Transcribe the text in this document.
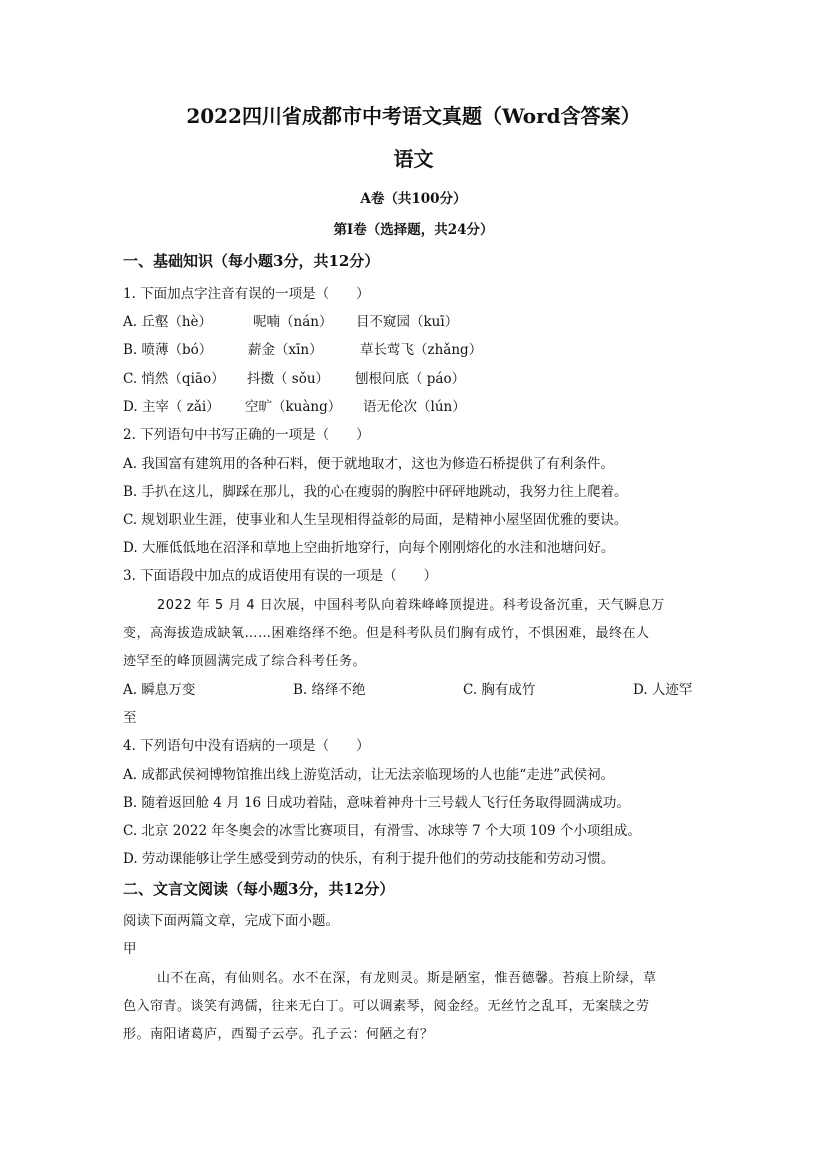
2022四川省成都市中考语文真题（Word含答案）
语文
A卷（共100分）
第Ⅰ卷（选择题，共24分）
一、基础知识（每小题3分，共12分）
1. 下面加点字注音有误的一项是（　　）
A. 丘壑（hè）	呢喃（nán） 目不窥园（kuī）
B. 喷薄（bó）	薪金（xīn）	草长莺飞（zhǎng）
C. 悄然（qiāo） 抖擞（ sǒu） 刨根问底（ páo）
D. 主宰（ zǎi） 空旷（kuàng） 语无伦次（lún）
2. 下列语句中书写正确的一项是（　　）
A. 我国富有建筑用的各种石料，便于就地取才，这也为修造石桥提供了有利条件。
B. 手扒在这儿，脚踩在那儿，我的心在瘦弱的胸腔中砰砰地跳动，我努力往上爬着。
C. 规划职业生涯，使事业和人生呈现相得益彰的局面，是精神小屋坚固优雅的要诀。
D. 大雁低低地在沼泽和草地上空曲折地穿行，向每个刚刚熔化的水洼和池塘问好。
3. 下面语段中加点的成语使用有误的一项是（　　）
2022 年 5 月 4 日次展，中国科考队向着珠峰峰顶提进。科考设备沉重，天气瞬息万
变，高海拔造成缺氧……困难络绎不绝。但是科考队员们胸有成竹，不惧困难，最终在人
迹罕至的峰顶圆满完成了综合科考任务。
A. 瞬息万变	B. 络绎不绝	C. 胸有成竹	D. 人迹罕
至
4. 下列语句中没有语病的一项是（　　）
A. 成都武侯祠博物馆推出线上游览活动，让无法亲临现场的人也能“走进”武侯祠。
B. 随着返回舱 4 月 16 日成功着陆，意味着神舟十三号载人飞行任务取得圆满成功。
C. 北京 2022 年冬奥会的冰雪比赛项目，有滑雪、冰球等 7 个大项 109 个小项组成。
D. 劳动课能够让学生感受到劳动的快乐，有利于提升他们的劳动技能和劳动习惯。
二、文言文阅读（每小题3分，共12分）
阅读下面两篇文章，完成下面小题。
甲
山不在高，有仙则名。水不在深，有龙则灵。斯是陋室，惟吾德馨。苔痕上阶绿，草
色入帘青。谈笑有鸿儒，往来无白丁。可以调素琴，阅金经。无丝竹之乱耳，无案牍之劳
形。南阳诸葛庐，西蜀子云亭。孔子云：何陋之有？
